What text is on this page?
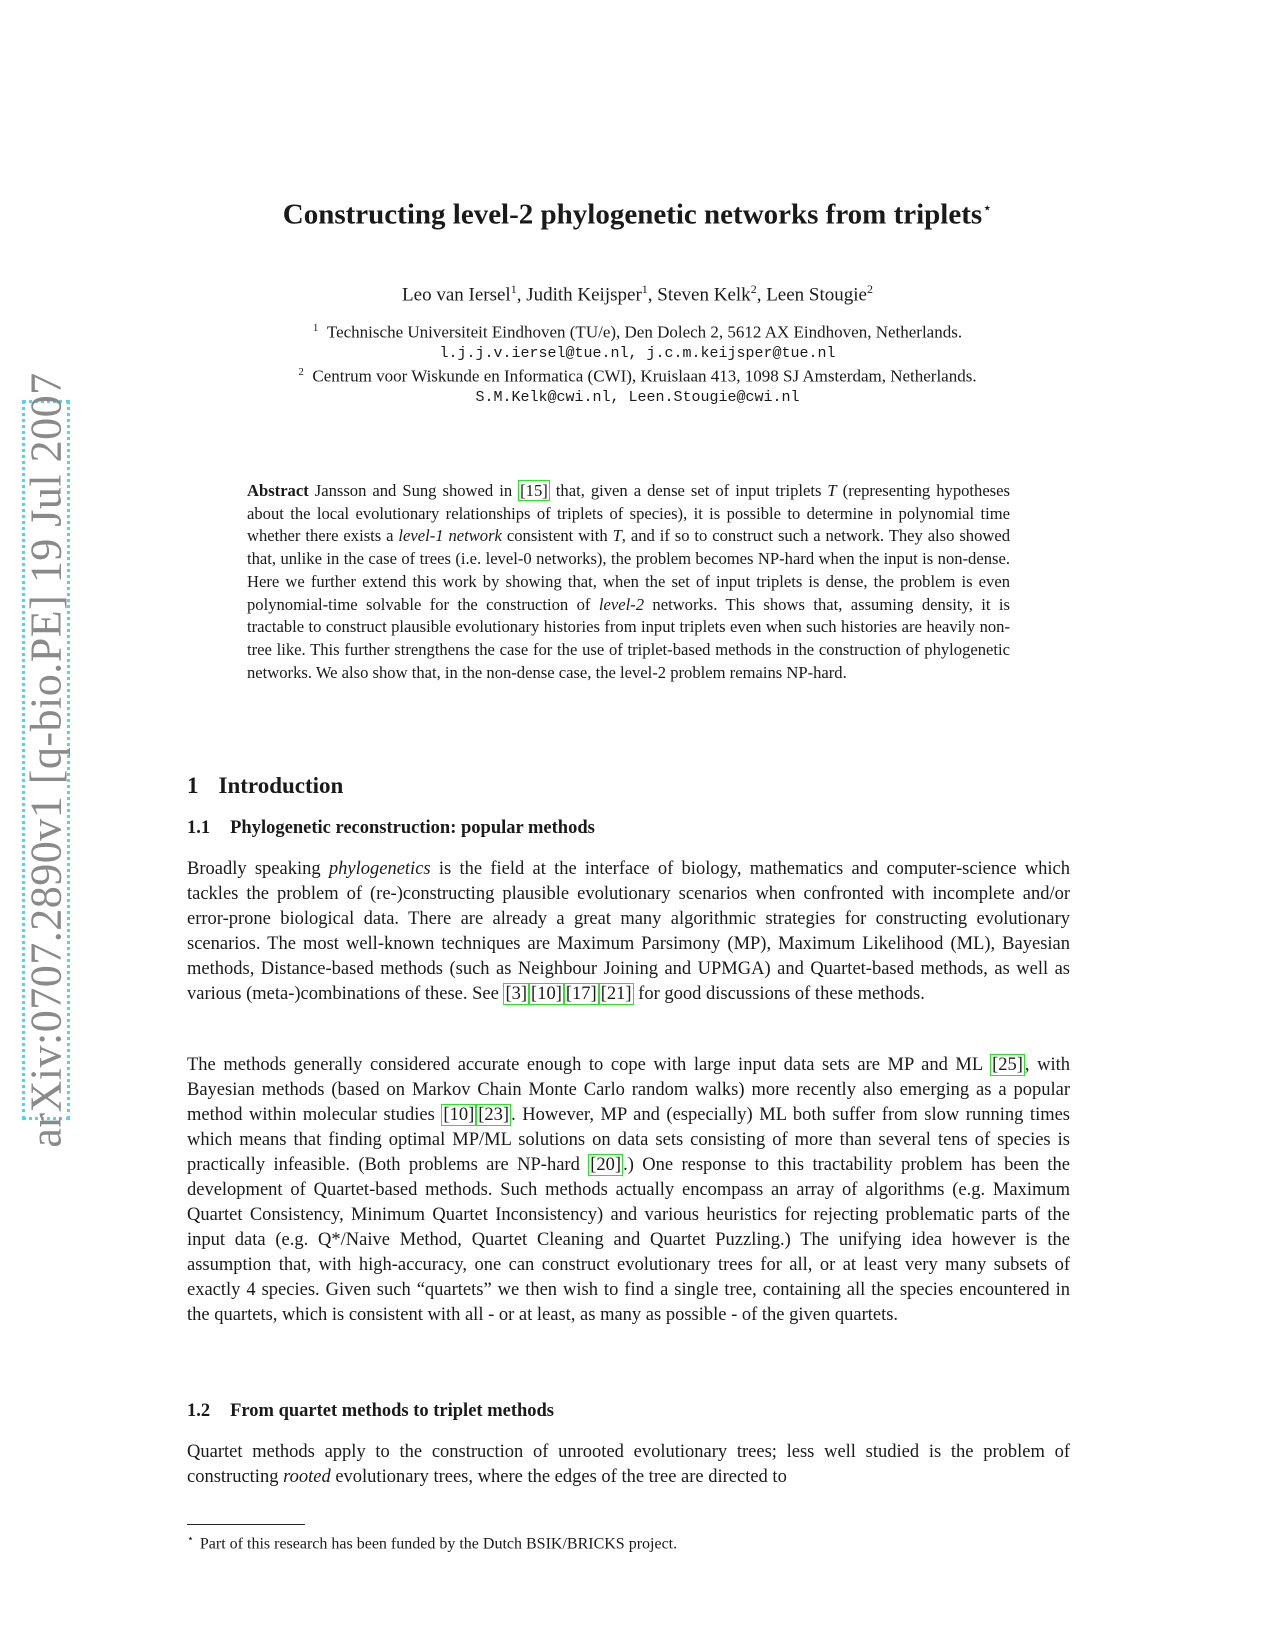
arXiv:0707.2890v1 [q-bio.PE] 19 Jul 2007
Constructing level-2 phylogenetic networks from triplets⋆
Leo van Iersel$^1$, Judith Keijsper$^1$, Steven Kelk$^2$, Leen Stougie$^2$
$^1$ Technische Universiteit Eindhoven (TU/e), Den Dolech 2, 5612 AX Eindhoven, Netherlands.
l.j.j.v.iersel@tue.nl, j.c.m.keijsper@tue.nl
$^2$ Centrum voor Wiskunde en Informatica (CWI), Kruislaan 413, 1098 SJ Amsterdam, Netherlands.
S.M.Kelk@cwi.nl, Leen.Stougie@cwi.nl
Abstract Jansson and Sung showed in [15] that, given a dense set of input triplets T (representing hypotheses about the local evolutionary relationships of triplets of species), it is possible to determine in polynomial time whether there exists a level-1 network consistent with T, and if so to construct such a network. They also showed that, unlike in the case of trees (i.e. level-0 networks), the problem becomes NP-hard when the input is non-dense. Here we further extend this work by showing that, when the set of input triplets is dense, the problem is even polynomial-time solvable for the construction of level-2 networks. This shows that, assuming density, it is tractable to construct plausible evolutionary histories from input triplets even when such histories are heavily non-tree like. This further strengthens the case for the use of triplet-based methods in the construction of phylogenetic networks. We also show that, in the non-dense case, the level-2 problem remains NP-hard.
1 Introduction
1.1 Phylogenetic reconstruction: popular methods
Broadly speaking phylogenetics is the field at the interface of biology, mathematics and computer-science which tackles the problem of (re-)constructing plausible evolutionary scenarios when confronted with incomplete and/or error-prone biological data. There are already a great many algorithmic strategies for constructing evolutionary scenarios. The most well-known techniques are Maximum Parsimony (MP), Maximum Likelihood (ML), Bayesian methods, Distance-based methods (such as Neighbour Joining and UPMGA) and Quartet-based methods, as well as various (meta-)combinations of these. See [3] [10] [17] [21] for good discussions of these methods.
The methods generally considered accurate enough to cope with large input data sets are MP and ML [25] , with Bayesian methods (based on Markov Chain Monte Carlo random walks) more recently also emerging as a popular method within molecular studies [10] [23] . However, MP and (especially) ML both suffer from slow running times which means that finding optimal MP/ML solutions on data sets consisting of more than several tens of species is practically infeasible. (Both problems are NP-hard [20] .) One response to this tractability problem has been the development of Quartet-based methods. Such methods actually encompass an array of algorithms (e.g. Maximum Quartet Consistency, Minimum Quartet Inconsistency) and various heuristics for rejecting problematic parts of the input data (e.g. Q*/Naive Method, Quartet Cleaning and Quartet Puzzling.) The unifying idea however is the assumption that, with high-accuracy, one can construct evolutionary trees for all, or at least very many subsets of exactly 4 species. Given such “quartets” we then wish to find a single tree, containing all the species encountered in the quartets, which is consistent with all - or at least, as many as possible - of the given quartets.
1.2 From quartet methods to triplet methods
Quartet methods apply to the construction of unrooted evolutionary trees; less well studied is the problem of constructing rooted evolutionary trees, where the edges of the tree are directed to
⋆ Part of this research has been funded by the Dutch BSIK/BRICKS project.
